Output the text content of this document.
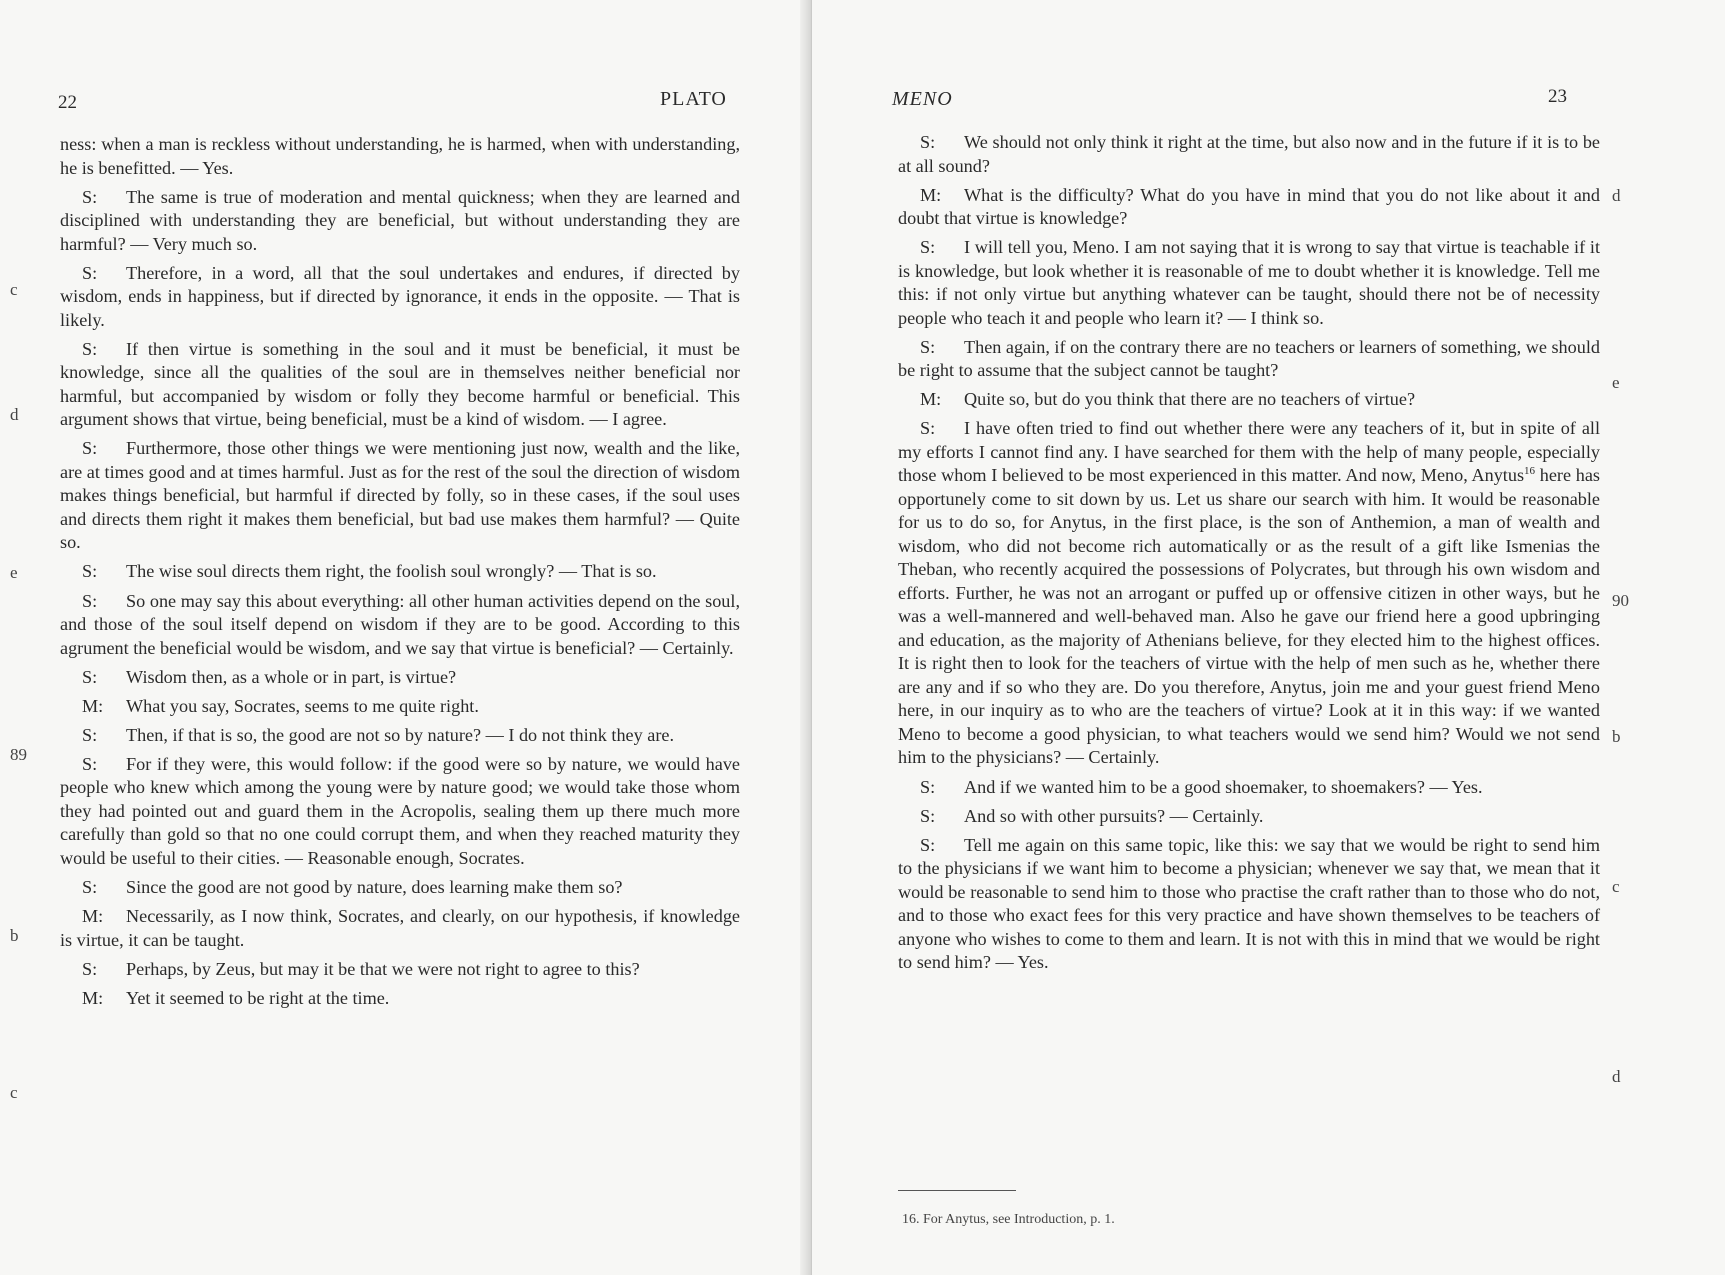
22	PLATO
c
d
e
89
b
c

ness: when a man is reckless without understanding, he is harmed, when with understanding, he is benefitted. — Yes.

S: The same is true of moderation and mental quickness; when they are learned and disciplined with understanding they are beneficial, but without understanding they are harmful? — Very much so.

S: Therefore, in a word, all that the soul undertakes and endures, if directed by wisdom, ends in happiness, but if directed by ignorance, it ends in the opposite. — That is likely.

S: If then virtue is something in the soul and it must be beneficial, it must be knowledge, since all the qualities of the soul are in themselves neither beneficial nor harmful, but accompanied by wisdom or folly they become harmful or beneficial. This argument shows that virtue, being beneficial, must be a kind of wisdom. — I agree.

S: Furthermore, those other things we were mentioning just now, wealth and the like, are at times good and at times harmful. Just as for the rest of the soul the direction of wisdom makes things beneficial, but harmful if directed by folly, so in these cases, if the soul uses and directs them right it makes them beneficial, but bad use makes them harmful? — Quite so.

S: The wise soul directs them right, the foolish soul wrongly? — That is so.

S: So one may say this about everything: all other human activities depend on the soul, and those of the soul itself depend on wisdom if they are to be good. According to this agrument the beneficial would be wisdom, and we say that virtue is beneficial? — Certainly.

S: Wisdom then, as a whole or in part, is virtue?

M: What you say, Socrates, seems to me quite right.

S: Then, if that is so, the good are not so by nature? — I do not think they are.

S: For if they were, this would follow: if the good were so by nature, we would have people who knew which among the young were by nature good; we would take those whom they had pointed out and guard them in the Acropolis, sealing them up there much more carefully than gold so that no one could corrupt them, and when they reached maturity they would be useful to their cities. — Reasonable enough, Socrates.

S: Since the good are not good by nature, does learning make them so?

M: Necessarily, as I now think, Socrates, and clearly, on our hypothesis, if knowledge is virtue, it can be taught.

S: Perhaps, by Zeus, but may it be that we were not right to agree to this?

M: Yet it seemed to be right at the time.

MENO	23
d
e
90
b
c
d

S: We should not only think it right at the time, but also now and in the future if it is to be at all sound?

M: What is the difficulty? What do you have in mind that you do not like about it and doubt that virtue is knowledge?

S: I will tell you, Meno. I am not saying that it is wrong to say that virtue is teachable if it is knowledge, but look whether it is reasonable of me to doubt whether it is knowledge. Tell me this: if not only virtue but anything whatever can be taught, should there not be of necessity people who teach it and people who learn it? — I think so.

S: Then again, if on the contrary there are no teachers or learners of something, we should be right to assume that the subject cannot be taught?

M: Quite so, but do you think that there are no teachers of virtue?

S: I have often tried to find out whether there were any teachers of it, but in spite of all my efforts I cannot find any. I have searched for them with the help of many people, especially those whom I believed to be most experienced in this matter. And now, Meno, Anytus$^{16}$ here has opportunely come to sit down by us. Let us share our search with him. It would be reasonable for us to do so, for Anytus, in the first place, is the son of Anthemion, a man of wealth and wisdom, who did not become rich automatically or as the result of a gift like Ismenias the Theban, who recently acquired the possessions of Polycrates, but through his own wisdom and efforts. Further, he was not an arrogant or puffed up or offensive citizen in other ways, but he was a well-mannered and well-behaved man. Also he gave our friend here a good upbringing and education, as the majority of Athenians believe, for they elected him to the highest offices. It is right then to look for the teachers of virtue with the help of men such as he, whether there are any and if so who they are. Do you therefore, Anytus, join me and your guest friend Meno here, in our inquiry as to who are the teachers of virtue? Look at it in this way: if we wanted Meno to become a good physician, to what teachers would we send him? Would we not send him to the physicians? — Certainly.

S: And if we wanted him to be a good shoemaker, to shoemakers? — Yes.

S: And so with other pursuits? — Certainly.

S: Tell me again on this same topic, like this: we say that we would be right to send him to the physicians if we want him to become a physician; whenever we say that, we mean that it would be reasonable to send him to those who practise the craft rather than to those who do not, and to those who exact fees for this very practice and have shown themselves to be teachers of anyone who wishes to come to them and learn. It is not with this in mind that we would be right to send him? — Yes.

16. For Anytus, see Introduction, p. 1.
